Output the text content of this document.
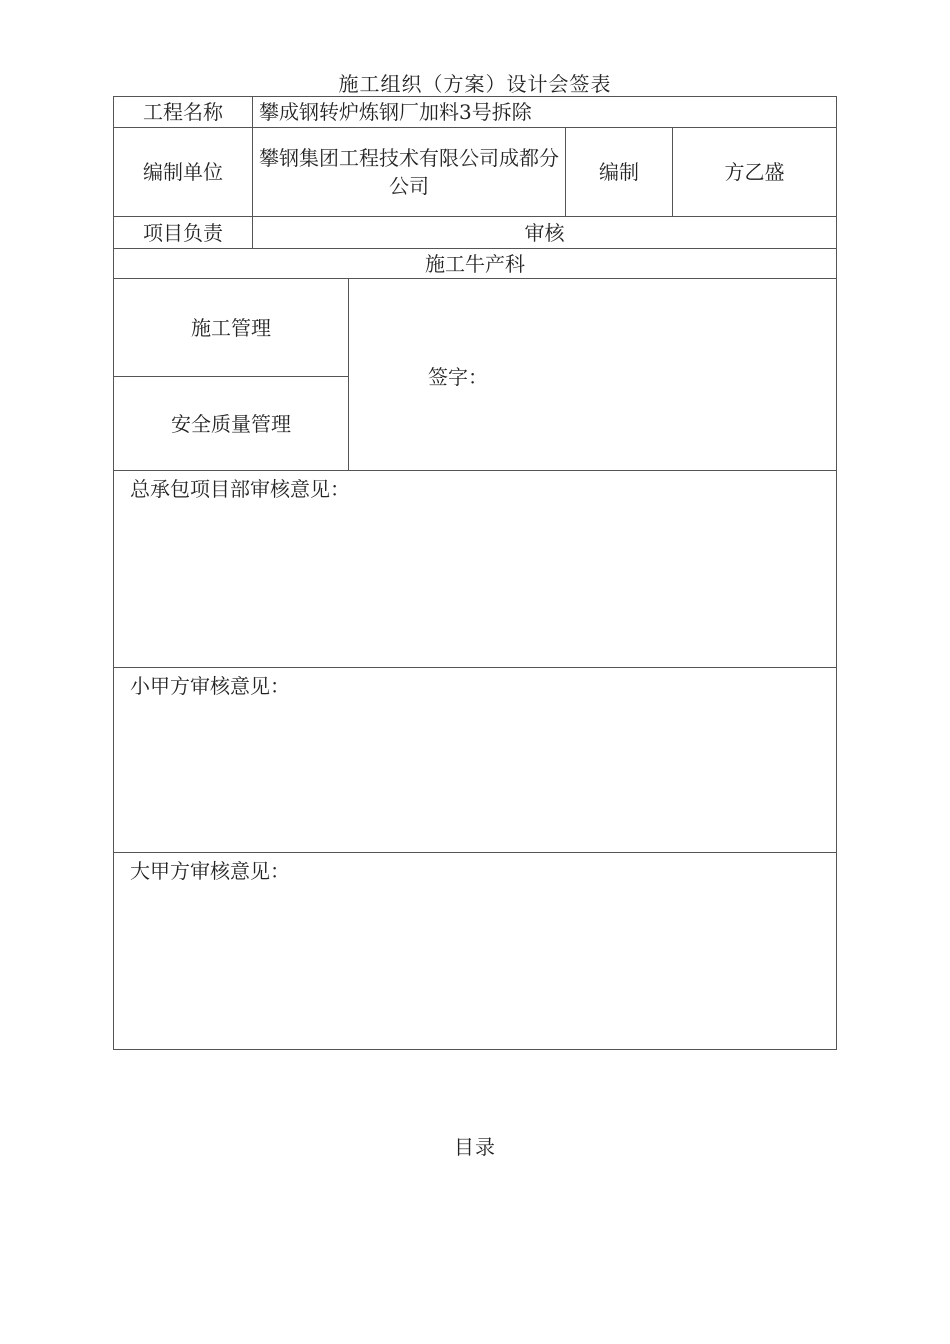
施工组织（方案）设计会签表
工程名称 攀成钢转炉炼钢厂加料3号拆除
编制单位
攀钢集团工程技术有限公司成都分公司
编制	方乙盛
项目负责	审核
施工牛产科
施工管理
安全质量管理
签字：
总承包项目部审核意见：
小甲方审核意见：
大甲方审核意见：
目录
